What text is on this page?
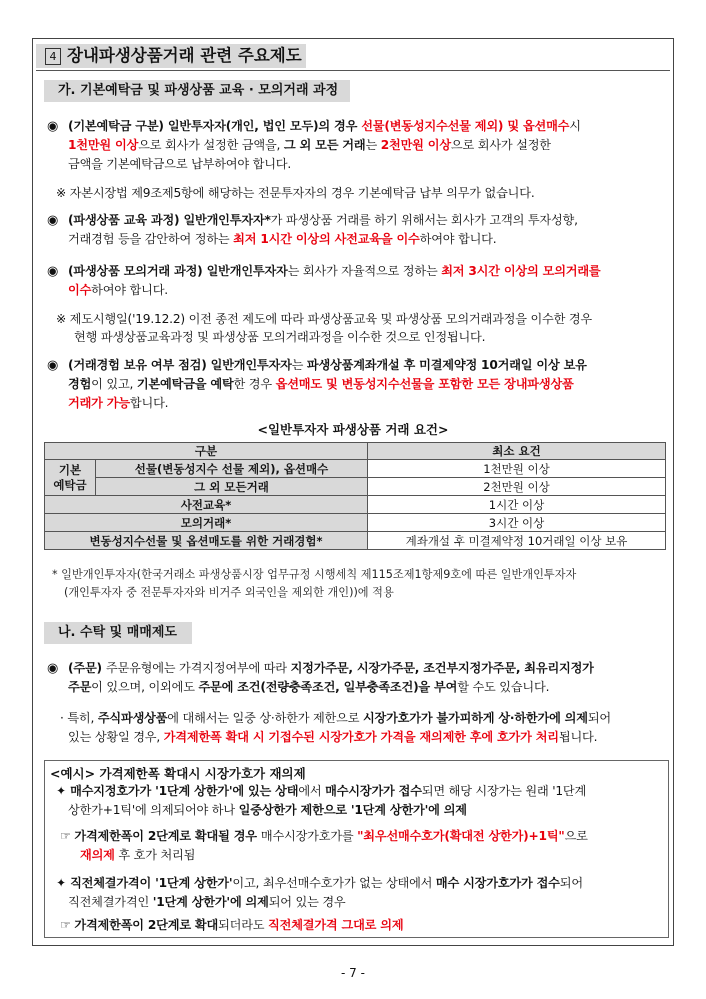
4 장내파생상품거래 관련 주요제도
가. 기본예탁금 및 파생상품 교육 · 모의거래 과정
◉ (기본예탁금 구분) 일반투자자(개인, 법인 모두)의 경우 선물(변동성지수선물 제외) 및 옵션매수시

1천만원 이상으로 회사가 설정한 금액을, 그 외 모든 거래는 2천만원 이상으로 회사가 설정한

금액을 기본예탁금으로 납부하여야 합니다.

※ 자본시장법 제9조제5항에 해당하는 전문투자자의 경우 기본예탁금 납부 의무가 없습니다.

◉ (파생상품 교육 과정) 일반개인투자자*가 파생상품 거래를 하기 위해서는 회사가 고객의 투자성향,

거래경험 등을 감안하여 정하는 최저 1시간 이상의 사전교육을 이수하여야 합니다.

◉ (파생상품 모의거래 과정) 일반개인투자자는 회사가 자율적으로 정하는 최저 3시간 이상의 모의거래를

이수하여야 합니다.

※ 제도시행일('19.12.2) 이전 종전 제도에 따라 파생상품교육 및 파생상품 모의거래과정을 이수한 경우

현행 파생상품교육과정 및 파생상품 모의거래과정을 이수한 것으로 인정됩니다.

◉ (거래경험 보유 여부 점검) 일반개인투자자는 파생상품계좌개설 후 미결제약정 10거래일 이상 보유

경험이 있고, 기본예탁금을 예탁한 경우 옵션매도 및 변동성지수선물을 포함한 모든 장내파생상품

거래가 가능합니다.

<일반투자자 파생상품 거래 요건>
구분		최소 요건
기본
예탁금	선물(변동성지수 선물 제외), 옵션매수	1천만원 이상
	그 외 모든거래	2천만원 이상
사전교육*		1시간 이상
모의거래*		3시간 이상
변동성지수선물 및 옵션매도를 위한 거래경험*		계좌개설 후 미결제약정 10거래일 이상 보유

* 일반개인투자자(한국거래소 파생상품시장 업무규정 시행세칙 제115조제1항제9호에 따른 일반개인투자자

(개인투자자 중 전문투자자와 비거주 외국인을 제외한 개인))에 적용

나. 수탁 및 매매제도
◉ (주문) 주문유형에는 가격지정여부에 따라 지정가주문, 시장가주문, 조건부지정가주문, 최유리지정가

주문이 있으며, 이외에도 주문에 조건(전량충족조건, 일부충족조건)을 부여할 수도 있습니다.

· 특히, 주식파생상품에 대해서는 일중 상·하한가 제한으로 시장가호가가 불가피하게 상·하한가에 의제되어

있는 상황일 경우, 가격제한폭 확대 시 기접수된 시장가호가 가격을 재의제한 후에 호가가 처리됩니다.

<예시> 가격제한폭 확대시 시장가호가 재의제

✦ 매수지정호가가 '1단계 상한가'에 있는 상태에서 매수시장가가 접수되면 해당 시장가는 원래 '1단계

상한가+1틱'에 의제되어야 하나 일중상한가 제한으로 '1단계 상한가'에 의제

☞ 가격제한폭이 2단계로 확대될 경우 매수시장가호가를 "최우선매수호가(확대전 상한가)+1틱"으로

재의제 후 호가 처리됨

✦ 직전체결가격이 '1단계 상한가'이고, 최우선매수호가가 없는 상태에서 매수 시장가호가가 접수되어

직전체결가격인 '1단계 상한가'에 의제되어 있는 경우

☞ 가격제한폭이 2단계로 확대되더라도 직전체결가격 그대로 의제

- 7 -
